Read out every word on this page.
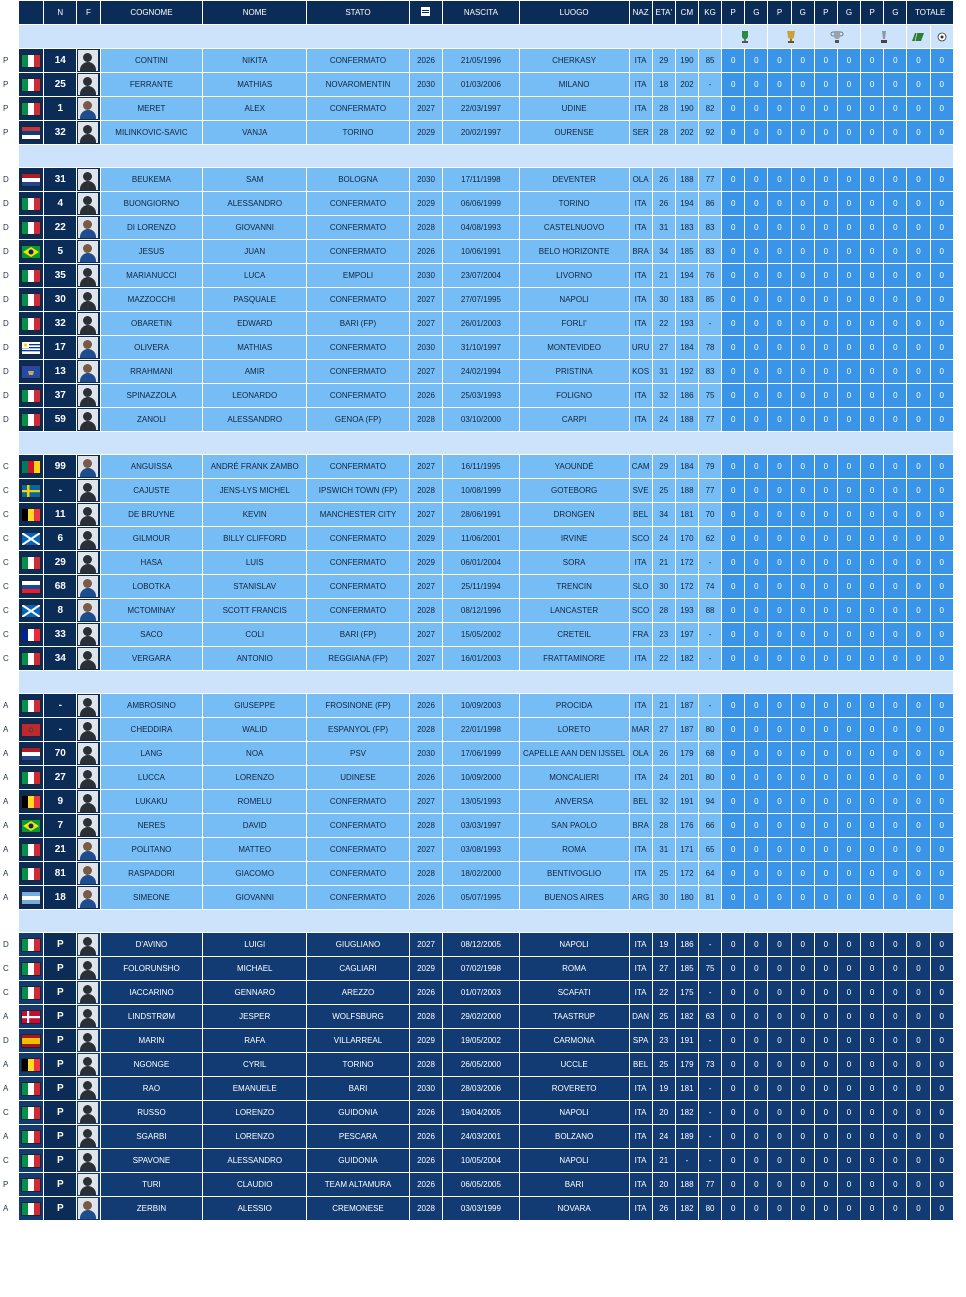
	N	F	COGNOME	NOME	STATO		NASCITA	LUOGO	NAZ	ETA'	CM	KG	P	G	P	G	P	G	P	G	TOTALE	

P	14		CONTINI	NIKITA	CONFERMATO	2026	21/05/1996	CHERKASY	ITA	29	190	85	0	0	0	0	0	0	0	0	0	0

P	25		FERRANTE	MATHIAS	NOVAROMENTIN	2030	01/03/2006	MILANO	ITA	18	202	-	0	0	0	0	0	0	0	0	0	0

P	1		MERET	ALEX	CONFERMATO	2027	22/03/1997	UDINE	ITA	28	190	82	0	0	0	0	0	0	0	0	0	0

P	32		MILINKOVIC-SAVIC	VANJA	TORINO	2029	20/02/1997	OURENSE	SER	28	202	92	0	0	0	0	0	0	0	0	0	0

D	31		BEUKEMA	SAM	BOLOGNA	2030	17/11/1998	DEVENTER	OLA	26	188	77	0	0	0	0	0	0	0	0	0	0

D	4		BUONGIORNO	ALESSANDRO	CONFERMATO	2029	06/06/1999	TORINO	ITA	26	194	86	0	0	0	0	0	0	0	0	0	0

D	22		DI LORENZO	GIOVANNI	CONFERMATO	2028	04/08/1993	CASTELNUOVO	ITA	31	183	83	0	0	0	0	0	0	0	0	0	0

D	5		JESUS	JUAN	CONFERMATO	2026	10/06/1991	BELO HORIZONTE	BRA	34	185	83	0	0	0	0	0	0	0	0	0	0

D	35		MARIANUCCI	LUCA	EMPOLI	2030	23/07/2004	LIVORNO	ITA	21	194	76	0	0	0	0	0	0	0	0	0	0

D	30		MAZZOCCHI	PASQUALE	CONFERMATO	2027	27/07/1995	NAPOLI	ITA	30	183	85	0	0	0	0	0	0	0	0	0	0

D	32		OBARETIN	EDWARD	BARI (FP)	2027	26/01/2003	FORLI'	ITA	22	193	-	0	0	0	0	0	0	0	0	0	0

D	17		OLIVERA	MATHIAS	CONFERMATO	2030	31/10/1997	MONTEVIDEO	URU	27	184	78	0	0	0	0	0	0	0	0	0	0

D	13		RRAHMANI	AMIR	CONFERMATO	2027	24/02/1994	PRISTINA	KOS	31	192	83	0	0	0	0	0	0	0	0	0	0

D	37		SPINAZZOLA	LEONARDO	CONFERMATO	2026	25/03/1993	FOLIGNO	ITA	32	186	75	0	0	0	0	0	0	0	0	0	0

D	59		ZANOLI	ALESSANDRO	GENOA (FP)	2028	03/10/2000	CARPI	ITA	24	188	77	0	0	0	0	0	0	0	0	0	0

C	99		ANGUISSA	ANDRÉ FRANK ZAMBO	CONFERMATO	2027	16/11/1995	YAOUNDÉ	CAM	29	184	79	0	0	0	0	0	0	0	0	0	0

C	-		CAJUSTE	JENS-LYS MICHEL	IPSWICH TOWN (FP)	2028	10/08/1999	GOTEBORG	SVE	25	188	77	0	0	0	0	0	0	0	0	0	0

C	11		DE BRUYNE	KEVIN	MANCHESTER CITY	2027	28/06/1991	DRONGEN	BEL	34	181	70	0	0	0	0	0	0	0	0	0	0

C	6		GILMOUR	BILLY CLIFFORD	CONFERMATO	2029	11/06/2001	IRVINE	SCO	24	170	62	0	0	0	0	0	0	0	0	0	0

C	29		HASA	LUIS	CONFERMATO	2029	06/01/2004	SORA	ITA	21	172	-	0	0	0	0	0	0	0	0	0	0

C	68		LOBOTKA	STANISLAV	CONFERMATO	2027	25/11/1994	TRENCIN	SLO	30	172	74	0	0	0	0	0	0	0	0	0	0

C	8		MCTOMINAY	SCOTT FRANCIS	CONFERMATO	2028	08/12/1996	LANCASTER	SCO	28	193	88	0	0	0	0	0	0	0	0	0	0

C	33		SACO	COLI	BARI (FP)	2027	15/05/2002	CRETEIL	FRA	23	197	-	0	0	0	0	0	0	0	0	0	0

C	34		VERGARA	ANTONIO	REGGIANA (FP)	2027	16/01/2003	FRATTAMINORE	ITA	22	182	-	0	0	0	0	0	0	0	0	0	0

A	-		AMBROSINO	GIUSEPPE	FROSINONE (FP)	2026	10/09/2003	PROCIDA	ITA	21	187	-	0	0	0	0	0	0	0	0	0	0

A	-		CHEDDIRA	WALID	ESPANYOL (FP)	2028	22/01/1998	LORETO	MAR	27	187	80	0	0	0	0	0	0	0	0	0	0

A	70		LANG	NOA	PSV	2030	17/06/1999	CAPELLE AAN DEN IJSSEL	OLA	26	179	68	0	0	0	0	0	0	0	0	0	0

A	27		LUCCA	LORENZO	UDINESE	2026	10/09/2000	MONCALIERI	ITA	24	201	80	0	0	0	0	0	0	0	0	0	0

A	9		LUKAKU	ROMELU	CONFERMATO	2027	13/05/1993	ANVERSA	BEL	32	191	94	0	0	0	0	0	0	0	0	0	0

A	7		NERES	DAVID	CONFERMATO	2028	03/03/1997	SAN PAOLO	BRA	28	176	66	0	0	0	0	0	0	0	0	0	0

A	21		POLITANO	MATTEO	CONFERMATO	2027	03/08/1993	ROMA	ITA	31	171	65	0	0	0	0	0	0	0	0	0	0

A	81		RASPADORI	GIACOMO	CONFERMATO	2028	18/02/2000	BENTIVOGLIO	ITA	25	172	64	0	0	0	0	0	0	0	0	0	0

A	18		SIMEONE	GIOVANNI	CONFERMATO	2026	05/07/1995	BUENOS AIRES	ARG	30	180	81	0	0	0	0	0	0	0	0	0	0

D	P		D'AVINO	LUIGI	GIUGLIANO	2027	08/12/2005	NAPOLI	ITA	19	186	-	0	0	0	0	0	0	0	0	0	0

C	P		FOLORUNSHO	MICHAEL	CAGLIARI	2029	07/02/1998	ROMA	ITA	27	185	75	0	0	0	0	0	0	0	0	0	0

C	P		IACCARINO	GENNARO	AREZZO	2026	01/07/2003	SCAFATI	ITA	22	175	-	0	0	0	0	0	0	0	0	0	0

A	P		LINDSTRØM	JESPER	WOLFSBURG	2028	29/02/2000	TAASTRUP	DAN	25	182	63	0	0	0	0	0	0	0	0	0	0

D	P		MARIN	RAFA	VILLARREAL	2029	19/05/2002	CARMONA	SPA	23	191	-	0	0	0	0	0	0	0	0	0	0

A	P		NGONGE	CYRIL	TORINO	2028	26/05/2000	UCCLE	BEL	25	179	73	0	0	0	0	0	0	0	0	0	0

A	P		RAO	EMANUELE	BARI	2030	28/03/2006	ROVERETO	ITA	19	181	-	0	0	0	0	0	0	0	0	0	0

C	P		RUSSO	LORENZO	GUIDONIA	2026	19/04/2005	NAPOLI	ITA	20	182	-	0	0	0	0	0	0	0	0	0	0

A	P		SGARBI	LORENZO	PESCARA	2026	24/03/2001	BOLZANO	ITA	24	189	-	0	0	0	0	0	0	0	0	0	0

C	P		SPAVONE	ALESSANDRO	GUIDONIA	2026	10/05/2004	NAPOLI	ITA	21	-	-	0	0	0	0	0	0	0	0	0	0

P	P		TURI	CLAUDIO	TEAM ALTAMURA	2026	06/05/2005	BARI	ITA	20	188	77	0	0	0	0	0	0	0	0	0	0

A	P		ZERBIN	ALESSIO	CREMONESE	2028	03/03/1999	NOVARA	ITA	26	182	80	0	0	0	0	0	0	0	0	0	0
